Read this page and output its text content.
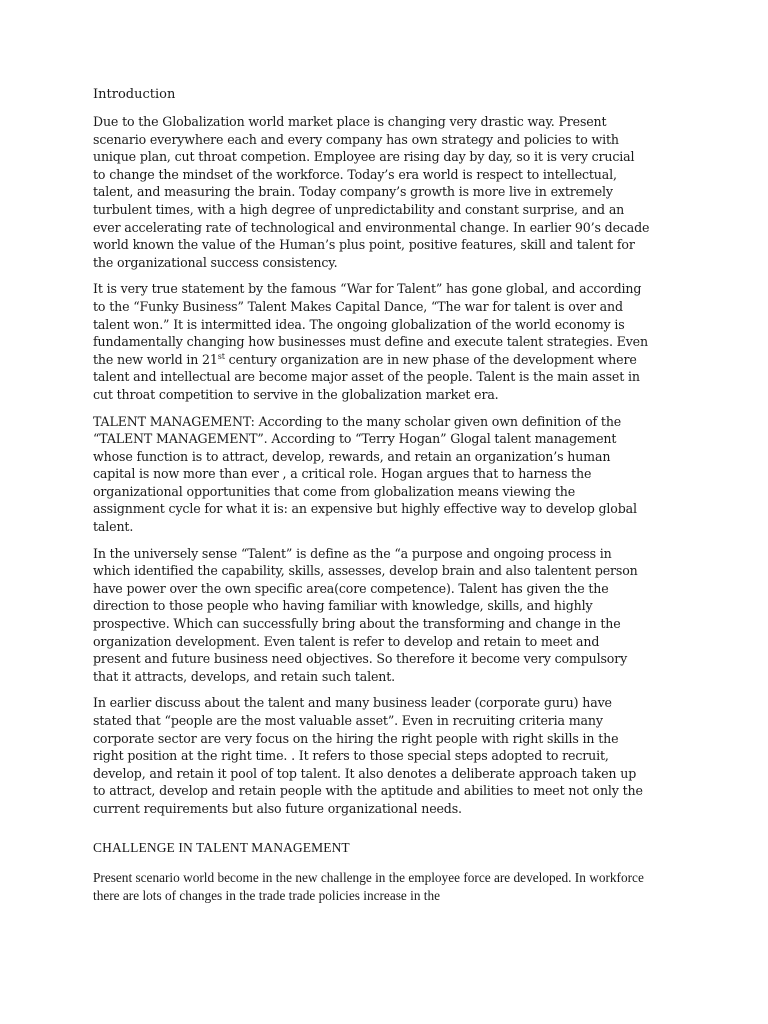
Introduction

Due to the Globalization world market place is changing very drastic way. Present scenario everywhere each and every company has own strategy and policies to with unique plan, cut throat competion. Employee are rising day by day, so it is very crucial to change the mindset of the workforce. Today’s era world is respect to intellectual, talent, and measuring the brain. Today company’s growth is more live in extremely turbulent times, with a high degree of unpredictability and constant surprise, and an ever accelerating rate of technological and environmental change. In earlier 90’s decade world known the value of the Human’s plus point, positive features, skill and talent for the organizational success consistency.

It is very true statement by the famous “War for Talent” has gone global, and according to the “Funky Business” Talent Makes Capital Dance, “The war for talent is over and talent won.” It is intermitted idea. The ongoing globalization of the world economy is fundamentally changing how businesses must define and execute talent strategies. Even the new world in 21st century organization are in new phase of the development where talent and intellectual are become major asset of the people. Talent is the main asset in cut throat competition to servive in the globalization market era.

TALENT MANAGEMENT: According to the many scholar given own definition of the “TALENT MANAGEMENT”. According to “Terry Hogan” Glogal talent management whose function is to attract, develop, rewards, and retain an organization’s human capital is now more than ever , a critical role. Hogan argues that to harness the organizational opportunities that come from globalization means viewing the assignment cycle for what it is: an expensive but highly effective way to develop global talent.

In the universely sense “Talent” is define as the “a purpose and ongoing process in which identified the capability, skills, assesses, develop brain and also talentent person have power over the own specific area(core competence). Talent has given the the direction to those people who having familiar with knowledge, skills, and highly prospective. Which can successfully bring about the transforming and change in the organization development. Even talent is refer to develop and retain to meet and present and future business need objectives. So therefore it become very compulsory that it attracts, develops, and retain such talent.

In earlier discuss about the talent and many business leader (corporate guru) have stated that “people are the most valuable asset”. Even in recruiting criteria many corporate sector are very focus on the hiring the right people with right skills in the right position at the right time. . It refers to those special steps adopted to recruit, develop, and retain it pool of top talent. It also denotes a deliberate approach taken up to attract, develop and retain people with the aptitude and abilities to meet not only the current requirements but also future organizational needs.

CHALLENGE IN TALENT MANAGEMENT

Present scenario world become in the new challenge in the employee force are developed. In workforce there are lots of changes in the trade trade policies increase in the
